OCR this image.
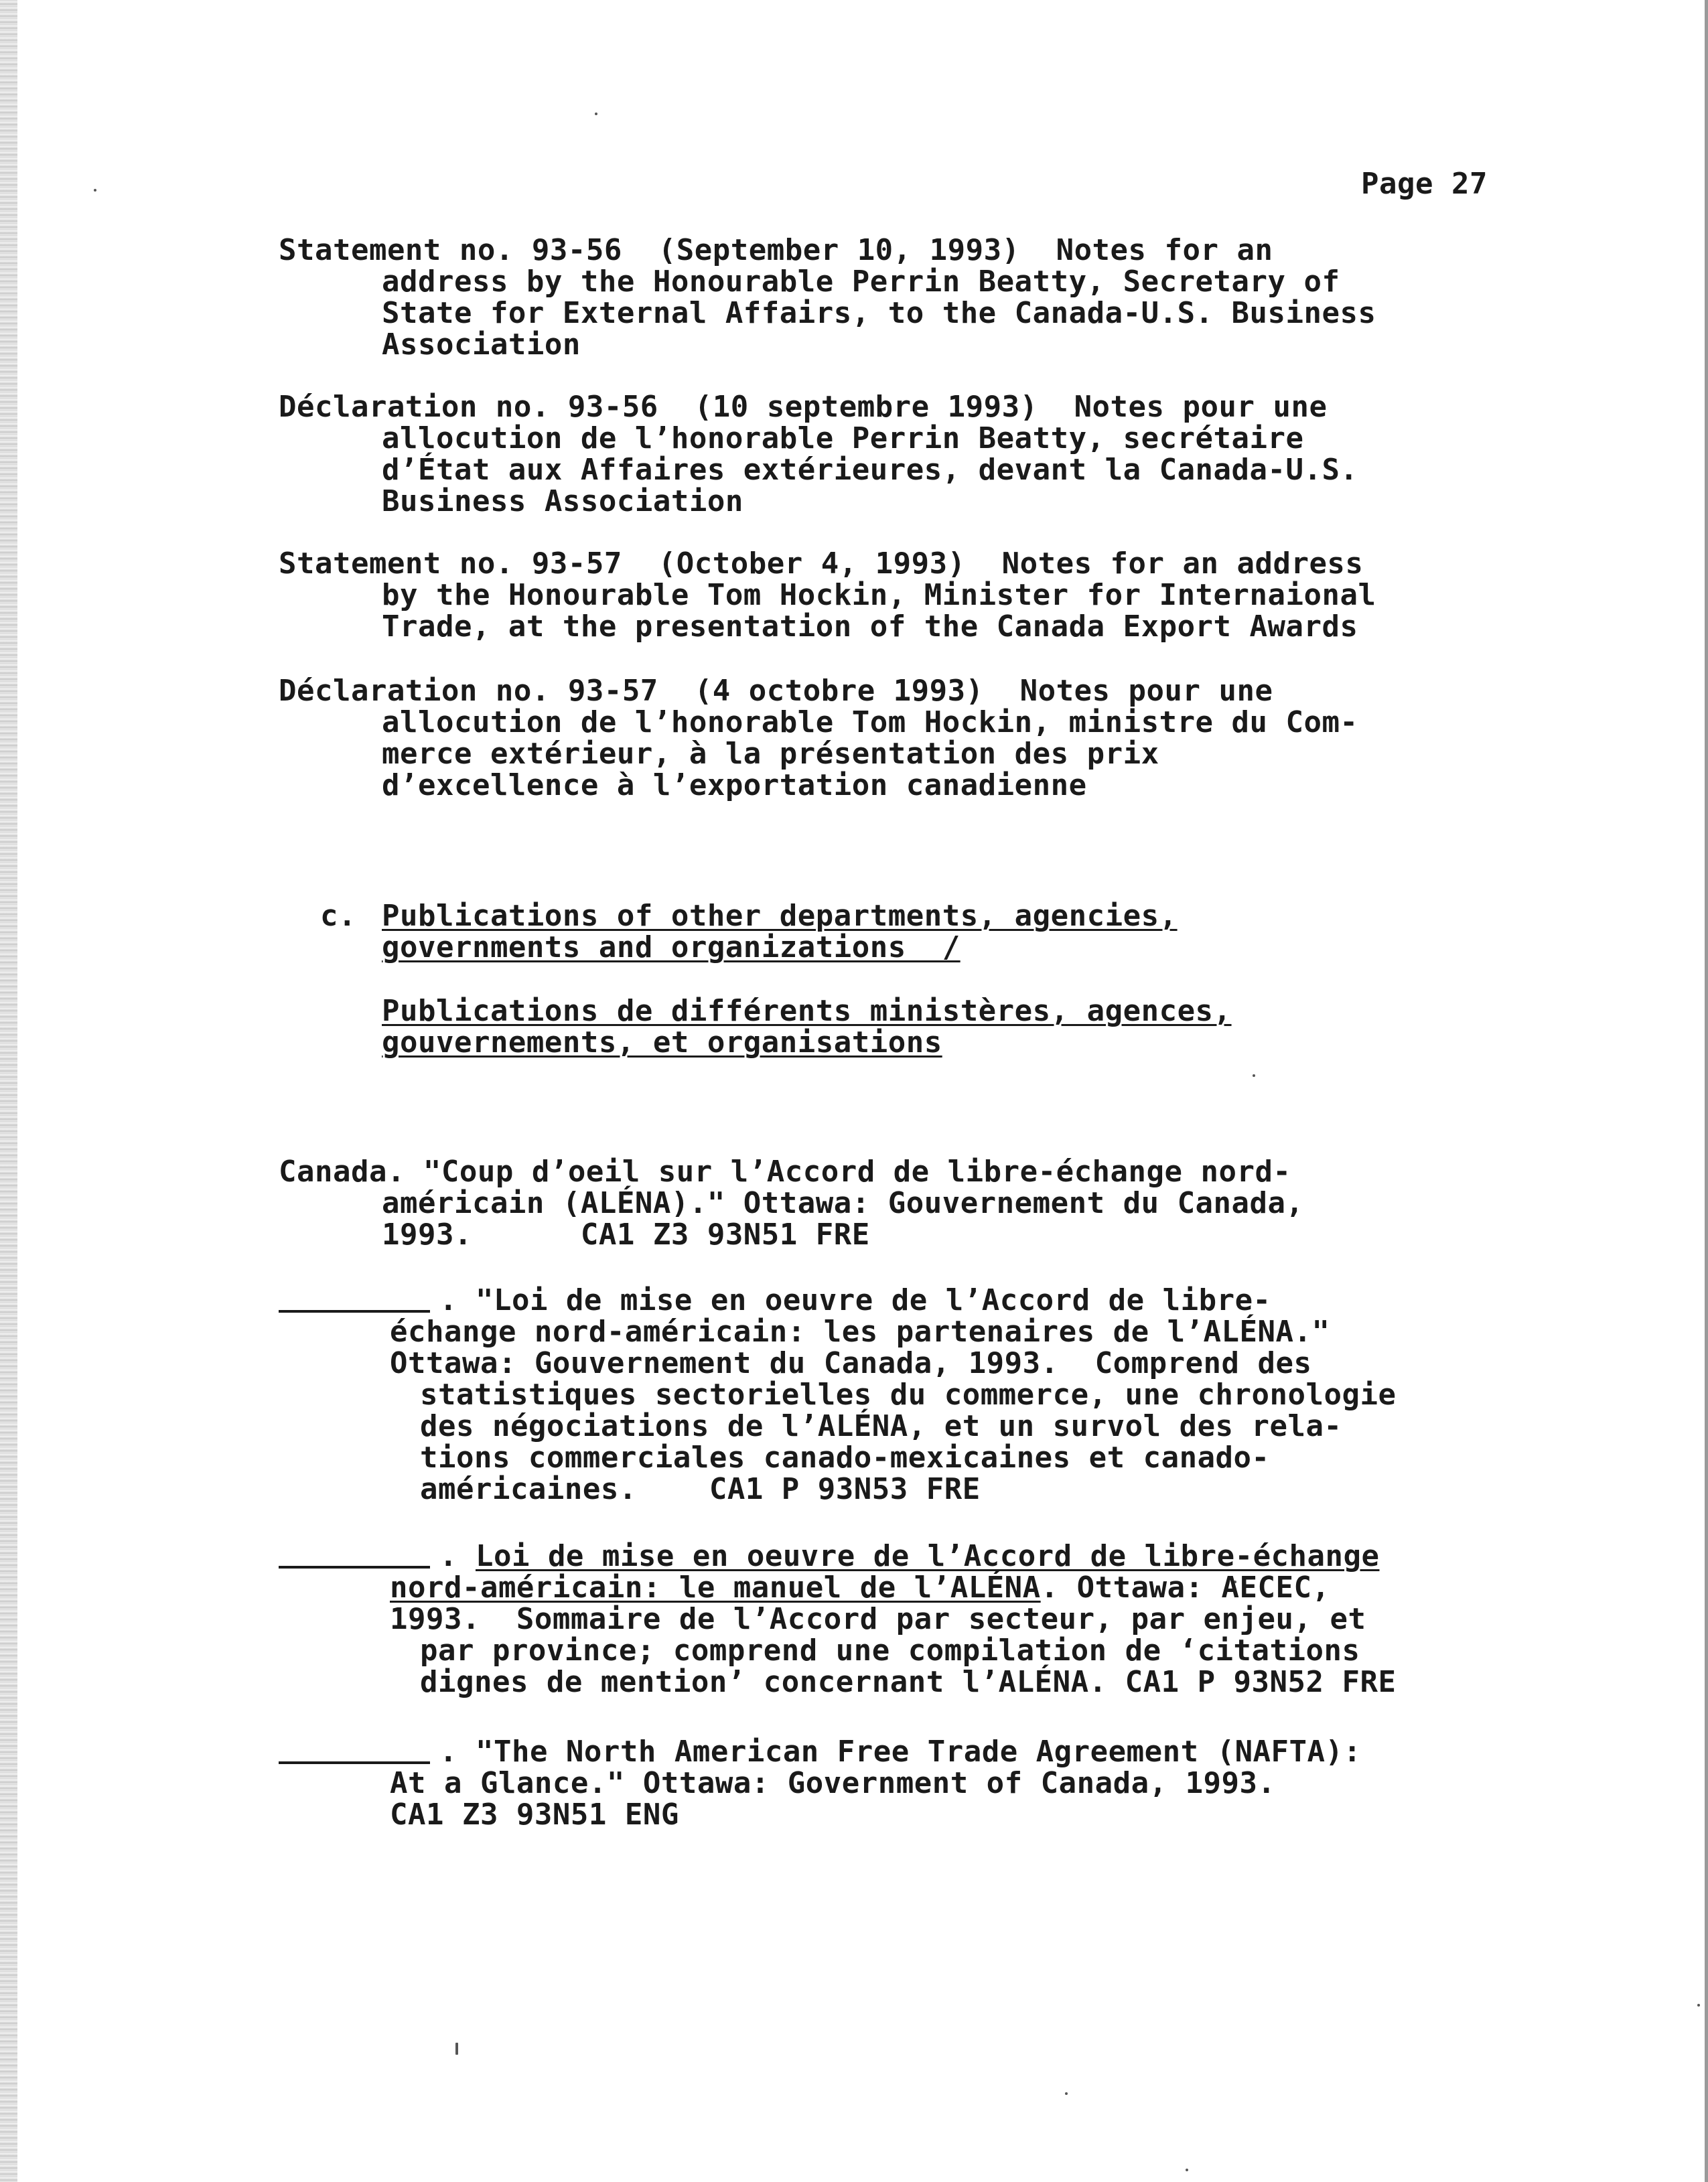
Page 27
Statement no. 93-56  (September 10, 1993)  Notes for an
address by the Honourable Perrin Beatty, Secretary of
State for External Affairs, to the Canada-U.S. Business
Association
Déclaration no. 93-56  (10 septembre 1993)  Notes pour une
allocution de l’honorable Perrin Beatty, secrétaire
d’État aux Affaires extérieures, devant la Canada-U.S.
Business Association
Statement no. 93-57  (October 4, 1993)  Notes for an address
by the Honourable Tom Hockin, Minister for Internaional
Trade, at the presentation of the Canada Export Awards
Déclaration no. 93-57  (4 octobre 1993)  Notes pour une
allocution de l’honorable Tom Hockin, ministre du Com-
merce extérieur, à la présentation des prix
d’excellence à l’exportation canadienne
c. Publications of other departments, agencies,
governments and organizations  /
Publications de différents ministères, agences,
gouvernements, et organisations
Canada. "Coup d’oeil sur l’Accord de libre-échange nord-
américain (ALÉNA)." Ottawa: Gouvernement du Canada,
1993.      CA1 Z3 93N51 FRE
. "Loi de mise en oeuvre de l’Accord de libre-
échange nord-américain: les partenaires de l’ALÉNA."
Ottawa: Gouvernement du Canada, 1993.  Comprend des
statistiques sectorielles du commerce, une chronologie
des négociations de l’ALÉNA, et un survol des rela-
tions commerciales canado-mexicaines et canado-
américaines.    CA1 P 93N53 FRE
. Loi de mise en oeuvre de l’Accord de libre-échange
nord-américain: le manuel de l’ALÉNA. Ottawa: AECEC,
1993.  Sommaire de l’Accord par secteur, par enjeu, et
par province; comprend une compilation de ‘citations
dignes de mention’ concernant l’ALÉNA. CA1 P 93N52 FRE
. "The North American Free Trade Agreement (NAFTA):
At a Glance." Ottawa: Government of Canada, 1993.
CA1 Z3 93N51 ENG
